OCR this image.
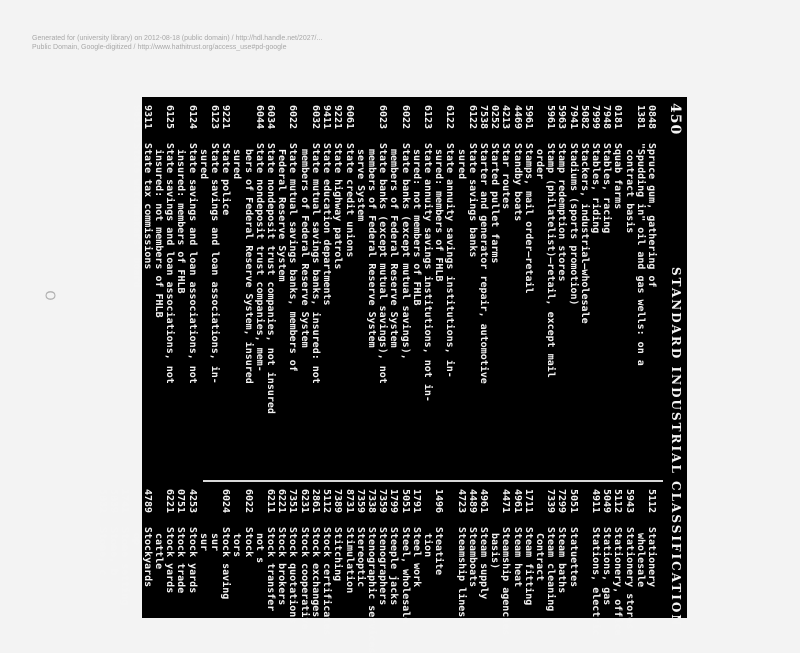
Generated for (university library) on 2012-08-18 (public domain) / http://hdl.handle.net/2027/...
Public Domain, Google-digitized / http://www.hathitrust.org/access_use#pd-google
O
450
STANDARD INDUSTRIAL CLASSIFICATION
0848Spruce gum, gathering of
1381"Spudding in" oil and gas wells: on a
contract basis
0181Squab farms
7948Stables, racing
7999Stables, riding
5082Stackers, industrial—wholesale
7941Stadiums (sports promotion)
5963Stamp redemption stores
5961Stamp (philatelist)—retail, except mail
order
5961Stamps, mail order—retail
4469Standby boats
4213Star routes
0252Started pullet farms
7538Starter and generator repair, automotive
6122State savings banks
sured
6122State annuity savings institutions, in-
sured: members of FHLB
6123State annuity savings institutions, not in-
sured: not members of FHLB
6022State banks (except mutual savings),
members of Federal Reserve System
6023State banks (except mutual savings), not
members of Federal Reserve System
serve System
6061State credit unions
9221State highway patrols
9411State education departments
6032State mutual savings banks, insured: not
members of Federal Reserve System
6022State mutual savings banks, members of
Federal Reserve System
6034State nondeposit trust companies, not insured
6044State nondeposit trust companies, mem-
bers of Federal Reserve System, insured
sured
9221State police
6123State savings and loan associations, in-
sured
6124State savings and loan associations, not
insured: members of FHLB
6125State savings and loan associations, not
insured: not members of FHLB
9311State tax commissions
9651State watchmakers' board
5112Stationery
wholesale
5943Stationery stores
5112Stationery, office
5049Stations, gas
4911Stations, electric
5051Statuettes
7299Steam baths
7339Steam cleaning
Contract
1711Steam fitting
4961Steam heat
4471Steamship agencies
basis)
4961Steam supply
4489Steamboats
4723Steamship lines
1496Steatite
tion
1791Steel work
5051Steel, wholesale
1799Steeple jacks
7359Stenographers
7338Stenographic services
7359Stereoptic
8731Stimulation
7389Stitching
5112Stock certificates
2861Stock exchanges
6231Stock cooperative
7351Stock quotations
6221Stock brokers
6211Stock transfer
not s
6022Stock
tors
6024Stock saving
sur
sur
4253Stock yards
0751Stock trade
6221Stock yards
cattle
4789Stockyards
op
1741Stone setting
5039Stone, b
5032Stone, c
